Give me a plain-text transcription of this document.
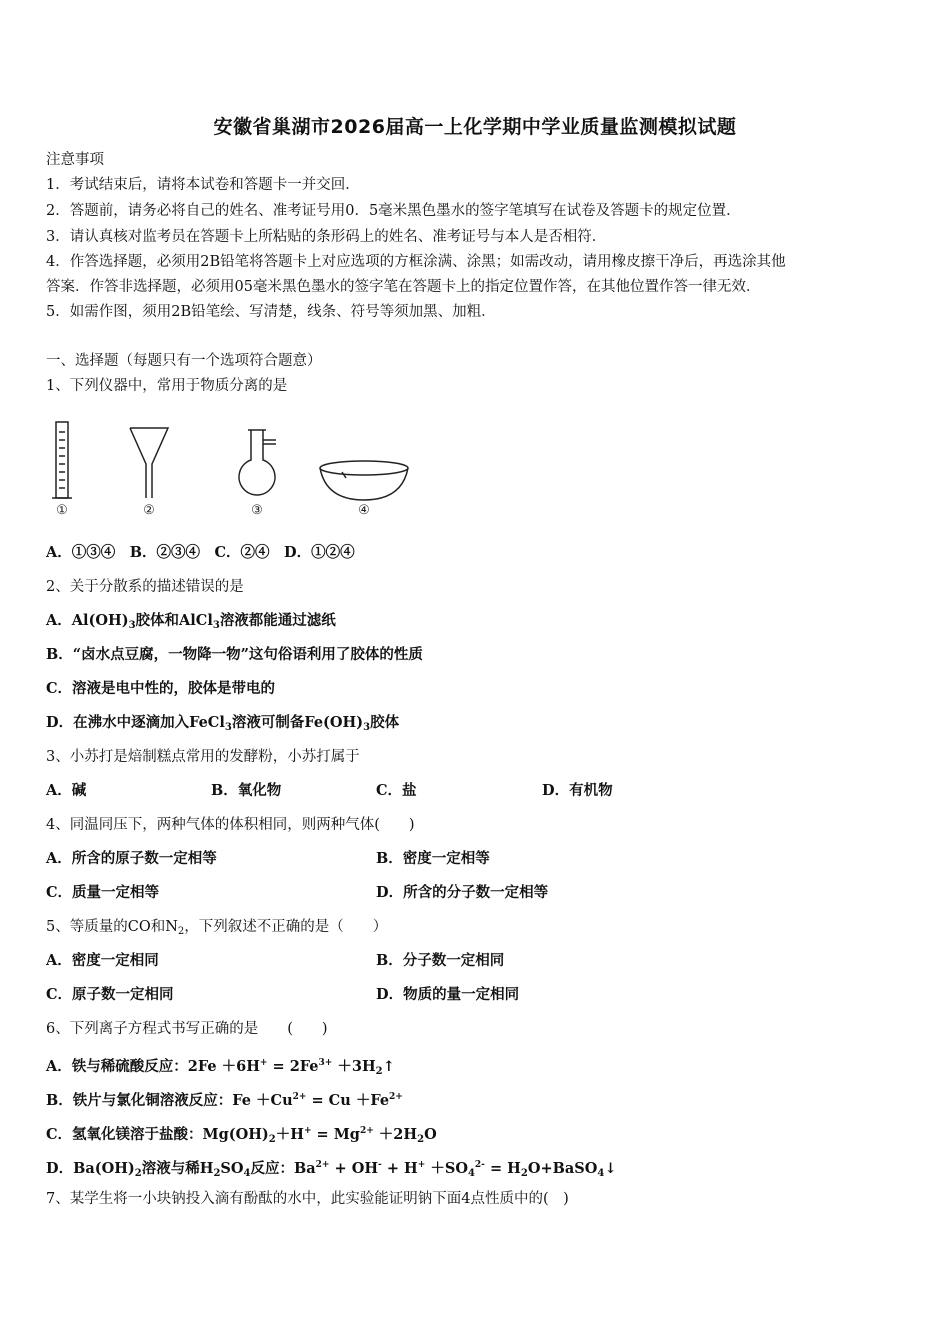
安徽省巢湖市2026届高一上化学期中学业质量监测模拟试题
注意事项
1．考试结束后，请将本试卷和答题卡一并交回．
2．答题前，请务必将自己的姓名、准考证号用0．5毫米黑色墨水的签字笔填写在试卷及答题卡的规定位置．
3．请认真核对监考员在答题卡上所粘贴的条形码上的姓名、准考证号与本人是否相符．
4．作答选择题，必须用2B铅笔将答题卡上对应选项的方框涂满、涂黑；如需改动，请用橡皮擦干净后，再选涂其他
答案．作答非选择题，必须用05毫米黑色墨水的签字笔在答题卡上的指定位置作答，在其他位置作答一律无效．
5．如需作图，须用2B铅笔绘、写清楚，线条、符号等须加黑、加粗．
一、选择题（每题只有一个选项符合题意）
1、下列仪器中，常用于物质分离的是
①	②	③	④
A．①③④　B．②③④　C．②④　D．①②④
2、关于分散系的描述错误的是
A．$Al(OH)_3$胶体和AlCl$_3$溶液都能通过滤纸
B．“卤水点豆腐，一物降一物”这句俗语利用了胶体的性质
C．溶液是电中性的，胶体是带电的
D．在沸水中逐滴加入FeCl$_3$溶液可制备$Fe(OH)_3$胶体
3、小苏打是焙制糕点常用的发酵粉，小苏打属于
A．碱	B．氧化物	C．盐	D．有机物
4、同温同压下，两种气体的体积相同，则两种气体(　　)
A．所含的原子数一定相等	B．密度一定相等
C．质量一定相等	D．所含的分子数一定相等
5、等质量的CO和$N_2$，下列叙述不正确的是（　　）
A．密度一定相同	B．分子数一定相同
C．原子数一定相同	D．物质的量一定相同
6、下列离子方程式书写正确的是　　(　　)
A．铁与稀硫酸反应：$2Fe +6H^+ = 2Fe^{3+}$ $+3H_2↑$
B．铁片与氯化铜溶液反应：$Fe +Cu^{2+} = Cu +Fe^{2+}$
C．氢氧化镁溶于盐酸：$Mg(OH)_2+H^+ = Mg^{2+} +2H_2O$
D．$Ba(OH)_2$溶液与稀$H_2SO_4$反应：$Ba^{2+} + OH^- + H^+ +SO_4^{2-}$ = $H_2O+BaSO_4↓$
7、某学生将一小块钠投入滴有酚酞的水中，此实验能证明钠下面4点性质中的(　)
